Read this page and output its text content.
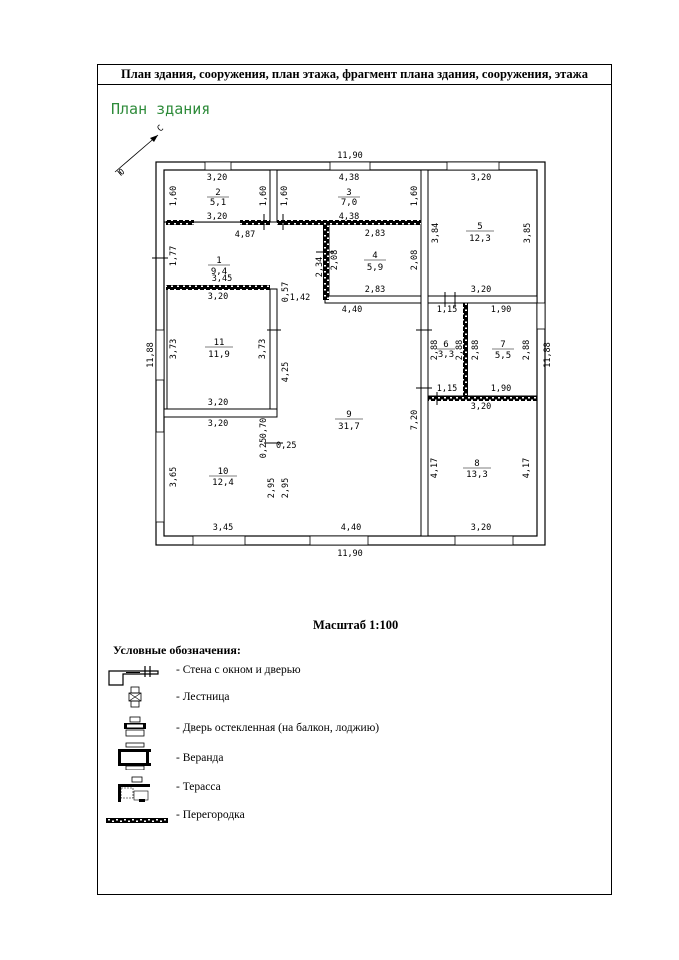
План здания, сооружения, план этажа, фрагмент плана здания, сооружения, этажа
План здания
Масштаб 1:100
Условные обозначения:
- Стена с окном и дверью
- Лестница
- Дверь остекленная (на балкон, лоджию)
- Веранда
- Терасса
- Перегородка
С
Ю
2
5,1
3
7,0
5
12,3
4
5,9
1
9,4
11
11,9
6
3,3
7
5,5
9
31,7
8
13,3
10
12,4
11,90
11,90
3,20
3,20
4,38
4,38
3,20
3,20
4,87	2,83
2,83
3,45
3,20	1,42
4,40	1,15	1,90
1,15	1,90
3,20	3,20
3,20
3,45	4,40	3,20
1,60	1,60 1,60	1,60
3,84	3,85
1,77
2,34 2,08	2,08
0,57
11,88 3,73	3,73
4,25
2,88 2,88 2,88	2,88 11,88
7,20
0,70
0,25 0,25
3,65
2,95 2,95
4,17	4,17
